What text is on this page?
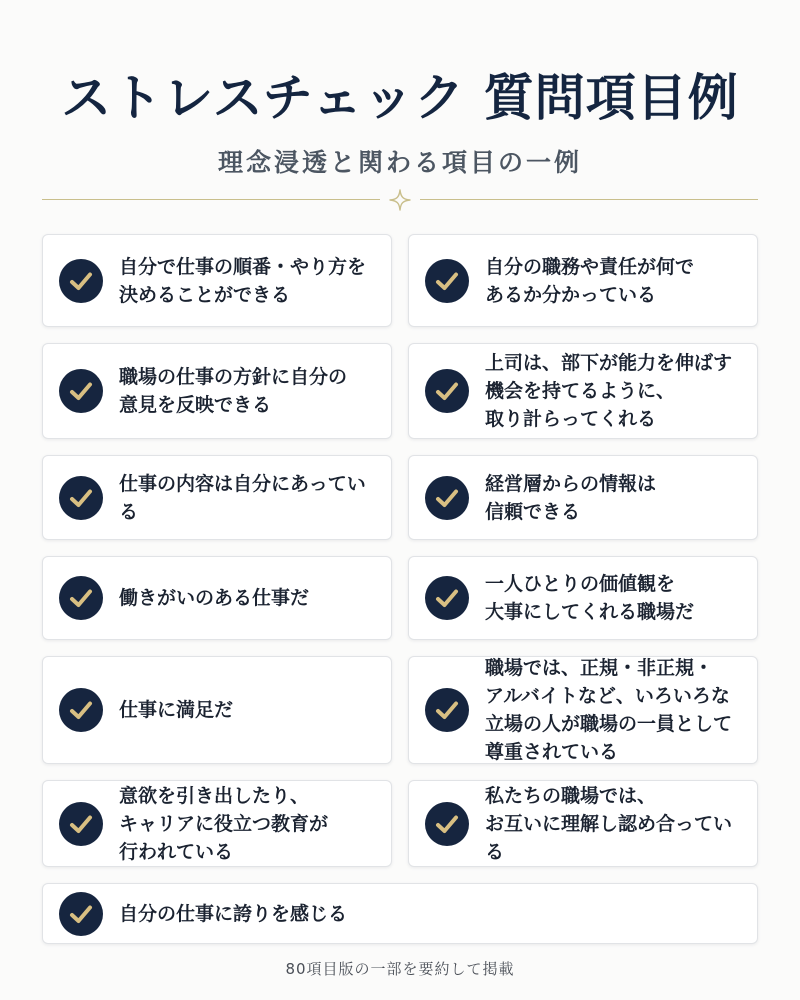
ストレスチェック 質問項目例
理念浸透と関わる項目の一例
自分で仕事の順番・やり方を
決めることができる
自分の職務や責任が何で
あるか分かっている
職場の仕事の方針に自分の
意見を反映できる
上司は、部下が能力を伸ばす
機会を持てるように、
取り計らってくれる
仕事の内容は自分にあっている
経営層からの情報は
信頼できる
働きがいのある仕事だ
一人ひとりの価値観を
大事にしてくれる職場だ
仕事に満足だ
職場では、正規・非正規・
アルバイトなど、いろいろな
立場の人が職場の一員として
尊重されている
意欲を引き出したり、
キャリアに役立つ教育が
行われている
私たちの職場では、
お互いに理解し認め合っている
自分の仕事に誇りを感じる
80項目版の一部を要約して掲載
